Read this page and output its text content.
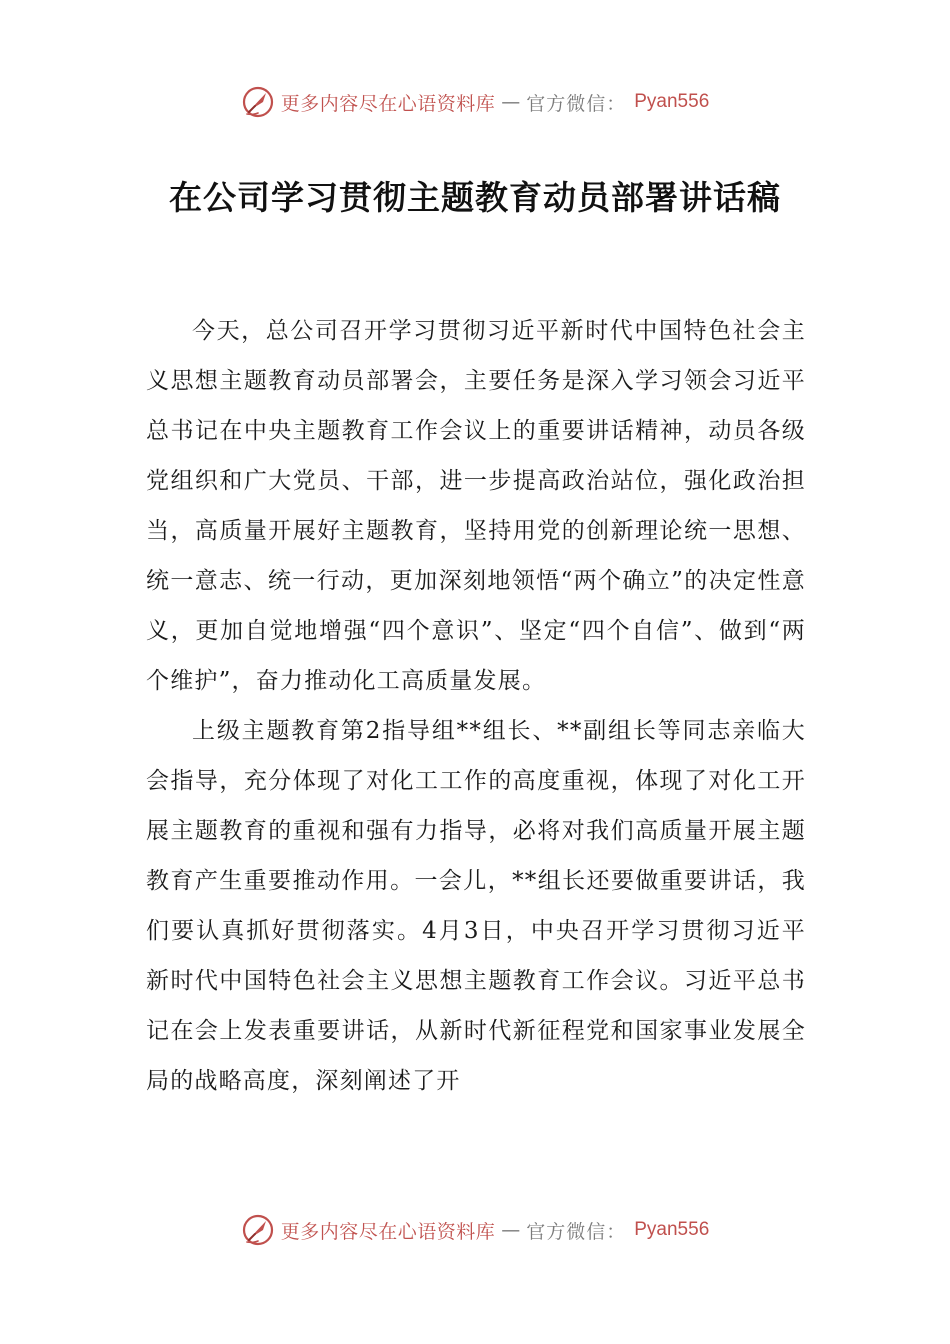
更多内容尽在心语资料库 — 官方微信： Pyan556
在公司学习贯彻主题教育动员部署讲话稿

今天，总公司召开学习贯彻习近平新时代中国特色社会主义思想主题教育动员部署会，主要任务是深入学习领会习近平总书记在中央主题教育工作会议上的重要讲话精神，动员各级党组织和广大党员、干部，进一步提高政治站位，强化政治担当，高质量开展好主题教育，坚持用党的创新理论统一思想、统一意志、统一行动，更加深刻地领悟“两个确立”的决定性意义，更加自觉地增强“四个意识”、坚定“四个自信”、做到“两个维护”，奋力推动化工高质量发展。

上级主题教育第2指导组**组长、**副组长等同志亲临大会指导，充分体现了对化工工作的高度重视，体现了对化工开展主题教育的重视和强有力指导，必将对我们高质量开展主题教育产生重要推动作用。一会儿，**组长还要做重要讲话，我们要认真抓好贯彻落实。4月3日，中央召开学习贯彻习近平新时代中国特色社会主义思想主题教育工作会议。习近平总书记在会上发表重要讲话，从新时代新征程党和国家事业发展全局的战略高度，深刻阐述了开

更多内容尽在心语资料库 — 官方微信： Pyan556
